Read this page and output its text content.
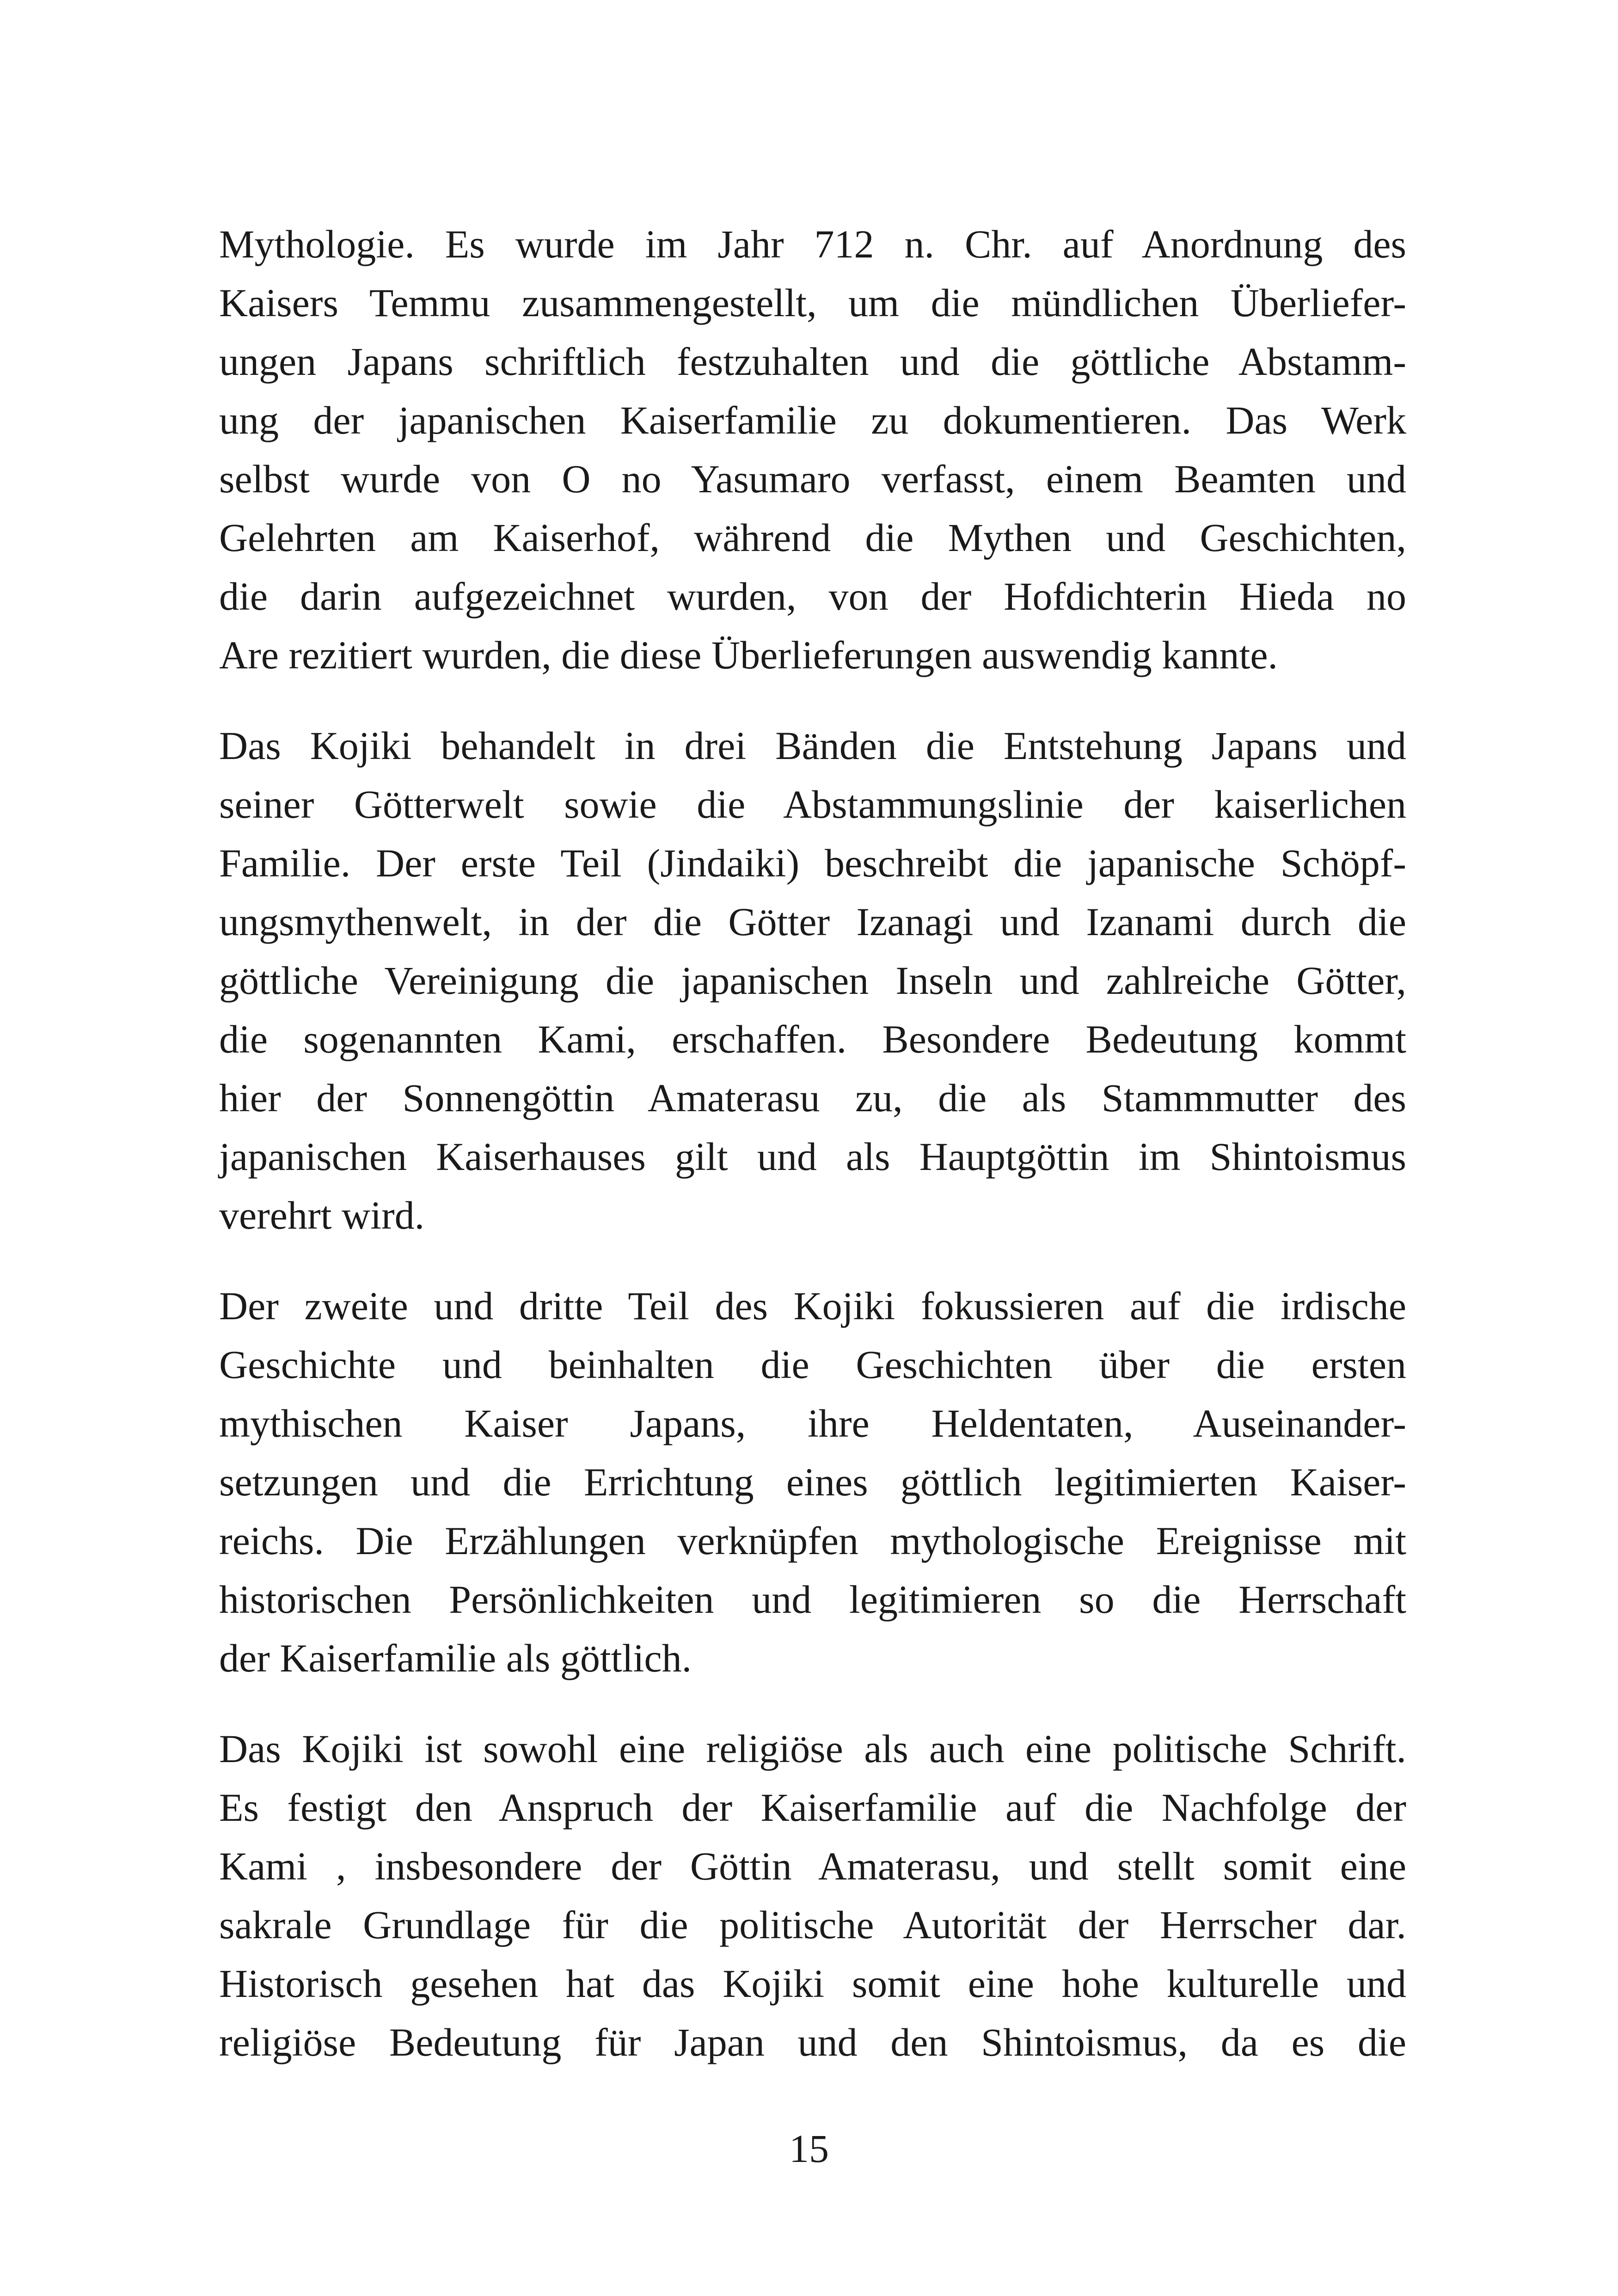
Mythologie. Es wurde im Jahr 712 n. Chr. auf Anordnung des
Kaisers Temmu zusammengestellt, um die mündlichen Überliefer-
ungen Japans schriftlich festzuhalten und die göttliche Abstamm-
ung der japanischen Kaiserfamilie zu dokumentieren. Das Werk
selbst wurde von O no Yasumaro verfasst, einem Beamten und
Gelehrten am Kaiserhof, während die Mythen und Geschichten,
die darin aufgezeichnet wurden, von der Hofdichterin Hieda no
Are rezitiert wurden, die diese Überlieferungen auswendig kannte.

Das Kojiki behandelt in drei Bänden die Entstehung Japans und
seiner Götterwelt sowie die Abstammungslinie der kaiserlichen
Familie. Der erste Teil (Jindaiki) beschreibt die japanische Schöpf-
ungsmythenwelt, in der die Götter Izanagi und Izanami durch die
göttliche Vereinigung die japanischen Inseln und zahlreiche Götter,
die sogenannten Kami, erschaffen. Besondere Bedeutung kommt
hier der Sonnengöttin Amaterasu zu, die als Stammmutter des
japanischen Kaiserhauses gilt und als Hauptgöttin im Shintoismus
verehrt wird.

Der zweite und dritte Teil des Kojiki fokussieren auf die irdische
Geschichte und beinhalten die Geschichten über die ersten
mythischen Kaiser Japans, ihre Heldentaten, Auseinander-
setzungen und die Errichtung eines göttlich legitimierten Kaiser-
reichs. Die Erzählungen verknüpfen mythologische Ereignisse mit
historischen Persönlichkeiten und legitimieren so die Herrschaft
der Kaiserfamilie als göttlich.

Das Kojiki ist sowohl eine religiöse als auch eine politische Schrift.
Es festigt den Anspruch der Kaiserfamilie auf die Nachfolge der
Kami , insbesondere der Göttin Amaterasu, und stellt somit eine
sakrale Grundlage für die politische Autorität der Herrscher dar.
Historisch gesehen hat das Kojiki somit eine hohe kulturelle und
religiöse Bedeutung für Japan und den Shintoismus, da es die

15
